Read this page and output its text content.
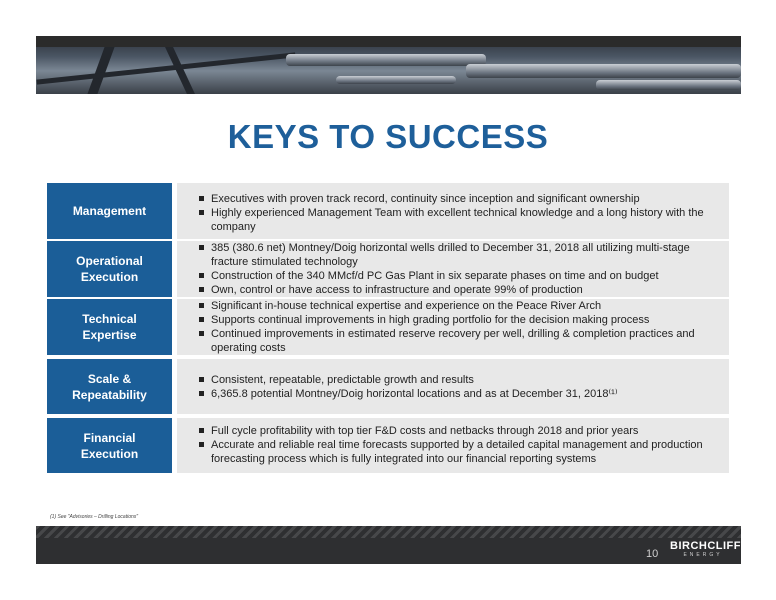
KEYS TO SUCCESS
Management
Executives with proven track record, continuity since inception and significant ownership
Highly experienced Management Team with excellent technical knowledge and a long history with the company
Operational
Execution
385 (380.6 net) Montney/Doig horizontal wells drilled to December 31, 2018 all utilizing multi-stage fracture stimulated technology
Construction of the 340 MMcf/d PC Gas Plant in six separate phases on time and on budget
Own, control or have access to infrastructure and operate 99% of production
Technical
Expertise
Significant in-house technical expertise and experience on the Peace River Arch
Supports continual improvements in high grading portfolio for the decision making process
Continued improvements in estimated reserve recovery per well, drilling & completion practices and operating costs
Scale &
Repeatability
Consistent, repeatable, predictable growth and results
6,365.8 potential Montney/Doig horizontal locations and as at December 31, 2018⁽¹⁾
Financial
Execution
Full cycle profitability with top tier F&D costs and netbacks through 2018 and prior years
Accurate and reliable real time forecasts supported by a detailed capital management and production forecasting process which is fully integrated into our financial reporting systems
(1) See "Advisories – Drilling Locations"
10
BIRCHCLIFF
ENERGY
